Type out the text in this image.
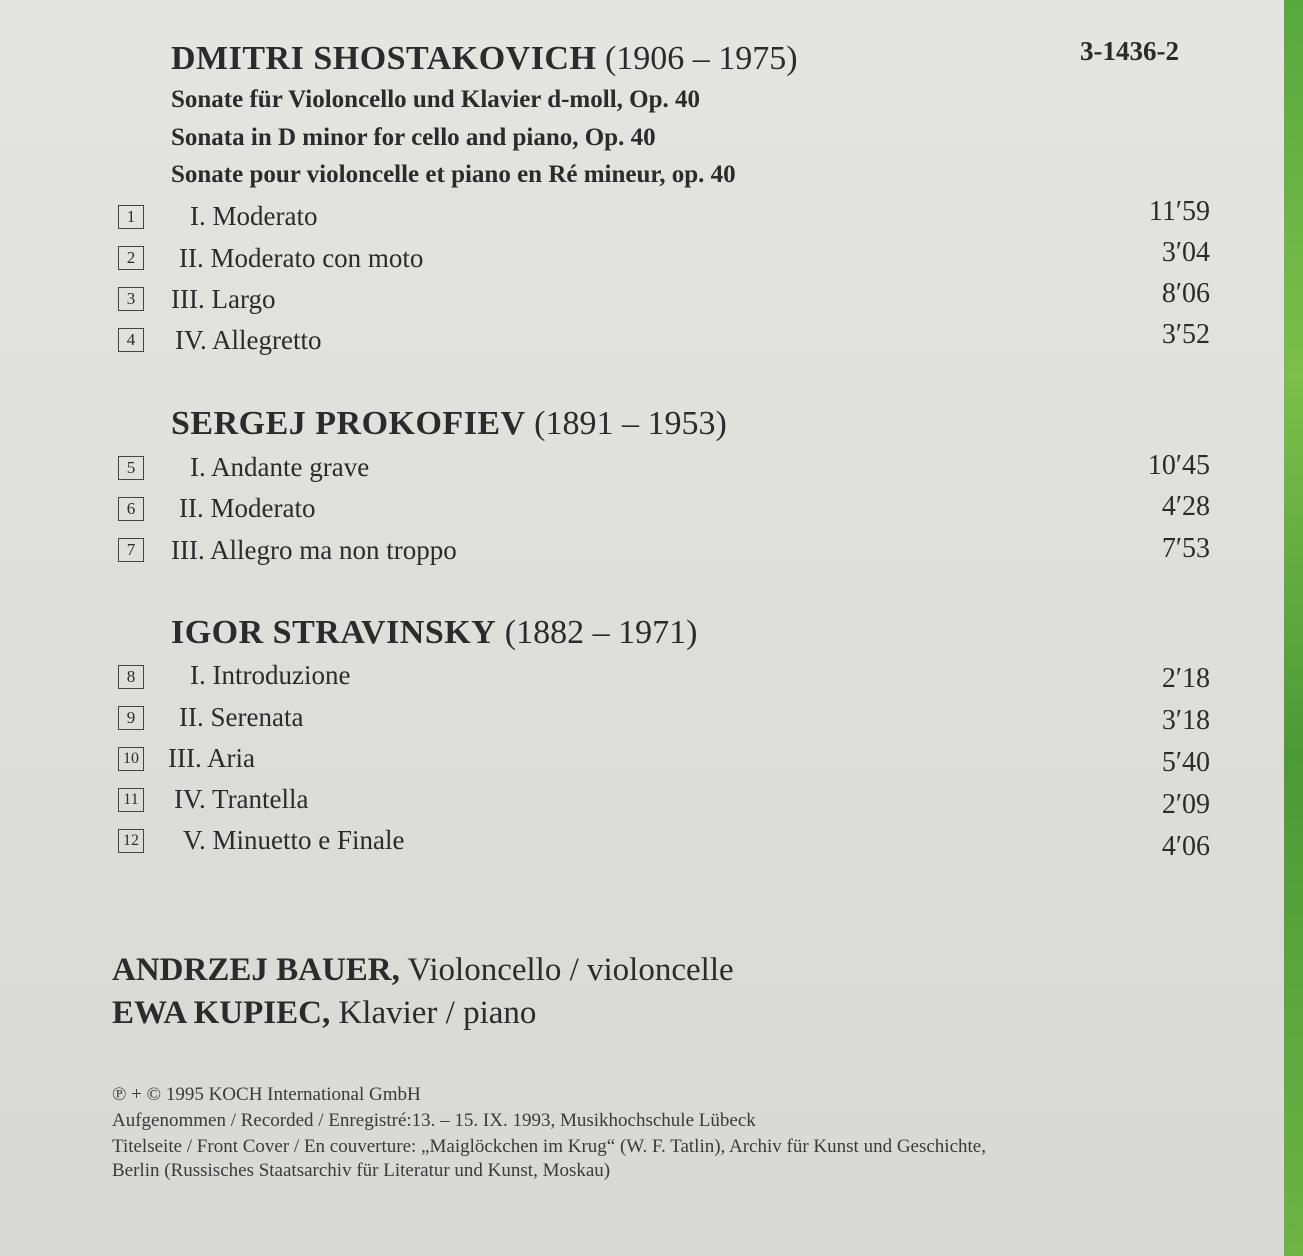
3-1436-2
DMITRI SHOSTAKOVICH (1906 – 1975)
Sonate für Violoncello und Klavier d-moll, Op. 40
Sonata in D minor for cello and piano, Op. 40
Sonate pour violoncelle et piano en Ré mineur, op. 40
1	I. Moderato	11′59
2	II. Moderato con moto	3′04
3	III. Largo	8′06
4	IV. Allegretto	3′52
SERGEJ PROKOFIEV (1891 – 1953)
5	I. Andante grave	10′45
6	II. Moderato	4′28
7	III. Allegro ma non troppo	7′53
IGOR STRAVINSKY (1882 – 1971)
8	I. Introduzione	2′18
9	II. Serenata	3′18
10 III. Aria	5′40
11 IV. Trantella	2′09
12 V. Minuetto e Finale	4′06
ANDRZEJ BAUER, Violoncello / violoncelle
EWA KUPIEC, Klavier / piano
℗ + © 1995 KOCH International GmbH
Aufgenommen / Recorded / Enregistré:13. – 15. IX. 1993, Musikhochschule Lübeck
Titelseite / Front Cover / En couverture: „Maiglöckchen im Krug“ (W. F. Tatlin), Archiv für Kunst und Geschichte,
Berlin (Russisches Staatsarchiv für Literatur und Kunst, Moskau)
